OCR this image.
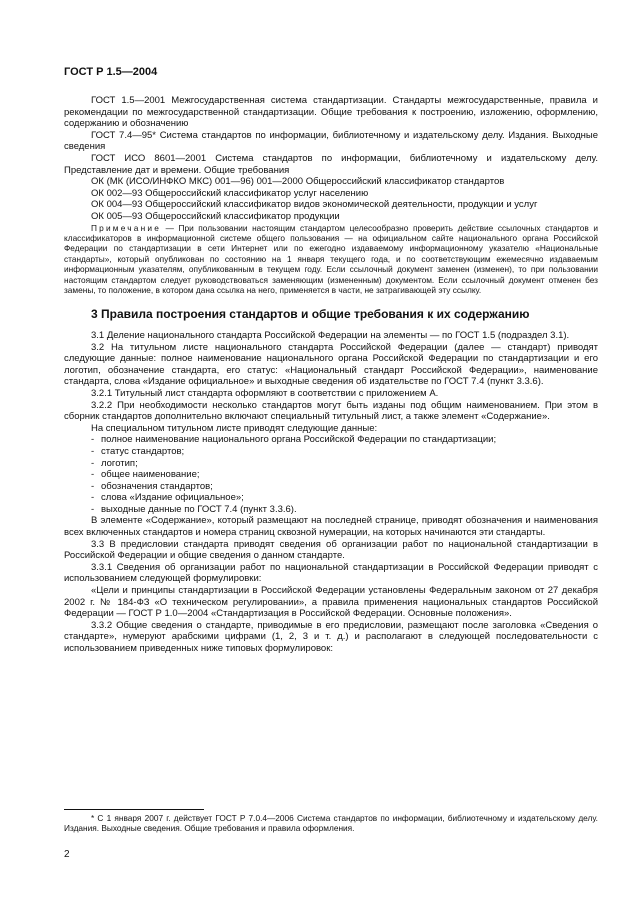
ГОСТ Р 1.5—2004

ГОСТ 1.5—2001 Межгосударственная система стандартизации. Стандарты межгосударственные, правила и рекомендации по межгосударственной стандартизации. Общие требования к построению, изложению, оформлению, содержанию и обозначению

ГОСТ 7.4—95* Система стандартов по информации, библиотечному и издательскому делу. Издания. Выходные сведения

ГОСТ ИСО 8601—2001 Система стандартов по информации, библиотечному и издательскому делу. Представление дат и времени. Общие требования

ОК (МК (ИСО/ИНФКО МКС) 001—96) 001—2000 Общероссийский классификатор стандартов

ОК 002—93 Общероссийский классификатор услуг населению

ОК 004—93 Общероссийский классификатор видов экономической деятельности, продукции и услуг

ОК 005—93 Общероссийский классификатор продукции

Примечание — При пользовании настоящим стандартом целесообразно проверить действие ссылочных стандартов и классификаторов в информационной системе общего пользования — на официальном сайте национального органа Российской Федерации по стандартизации в сети Интернет или по ежегодно издаваемому информационному указателю «Национальные стандарты», который опубликован по состоянию на 1 января текущего года, и по соответствующим ежемесячно издаваемым информационным указателям, опубликованным в текущем году. Если ссылочный документ заменен (изменен), то при пользовании настоящим стандартом следует руководствоваться заменяющим (измененным) документом. Если ссылочный документ отменен без замены, то положение, в котором дана ссылка на него, применяется в части, не затрагивающей эту ссылку.

3 Правила построения стандартов и общие требования к их содержанию

3.1 Деление национального стандарта Российской Федерации на элементы — по ГОСТ 1.5 (подраздел 3.1).

3.2 На титульном листе национального стандарта Российской Федерации (далее — стандарт) приводят следующие данные: полное наименование национального органа Российской Федерации по стандартизации и его логотип, обозначение стандарта, его статус: «Национальный стандарт Российской Федерации», наименование стандарта, слова «Издание официальное» и выходные сведения об издательстве по ГОСТ 7.4 (пункт 3.3.6).

3.2.1 Титульный лист стандарта оформляют в соответствии с приложением А.

3.2.2 При необходимости несколько стандартов могут быть изданы под общим наименованием. При этом в сборник стандартов дополнительно включают специальный титульный лист, а также элемент «Содержание».

На специальном титульном листе приводят следующие данные:

- полное наименование национального органа Российской Федерации по стандартизации;
- статус стандартов;
- логотип;
- общее наименование;
- обозначения стандартов;
- слова «Издание официальное»;
- выходные данные по ГОСТ 7.4 (пункт 3.3.6).

В элементе «Содержание», который размещают на последней странице, приводят обозначения и наименования всех включенных стандартов и номера страниц сквозной нумерации, на которых начинаются эти стандарты.

3.3 В предисловии стандарта приводят сведения об организации работ по национальной стандартизации в Российской Федерации и общие сведения о данном стандарте.

3.3.1 Сведения об организации работ по национальной стандартизации в Российской Федерации приводят с использованием следующей формулировки:

«Цели и принципы стандартизации в Российской Федерации установлены Федеральным законом от 27 декабря 2002 г. № 184-ФЗ «О техническом регулировании», а правила применения национальных стандартов Российской Федерации — ГОСТ Р 1.0—2004 «Стандартизация в Российской Федерации. Основные положения».

3.3.2 Общие сведения о стандарте, приводимые в его предисловии, размещают после заголовка «Сведения о стандарте», нумеруют арабскими цифрами (1, 2, 3 и т. д.) и располагают в следующей последовательности с использованием приведенных ниже типовых формулировок:

* С 1 января 2007 г. действует ГОСТ Р 7.0.4—2006 Система стандартов по информации, библиотечному и издательскому делу. Издания. Выходные сведения. Общие требования и правила оформления.

2
